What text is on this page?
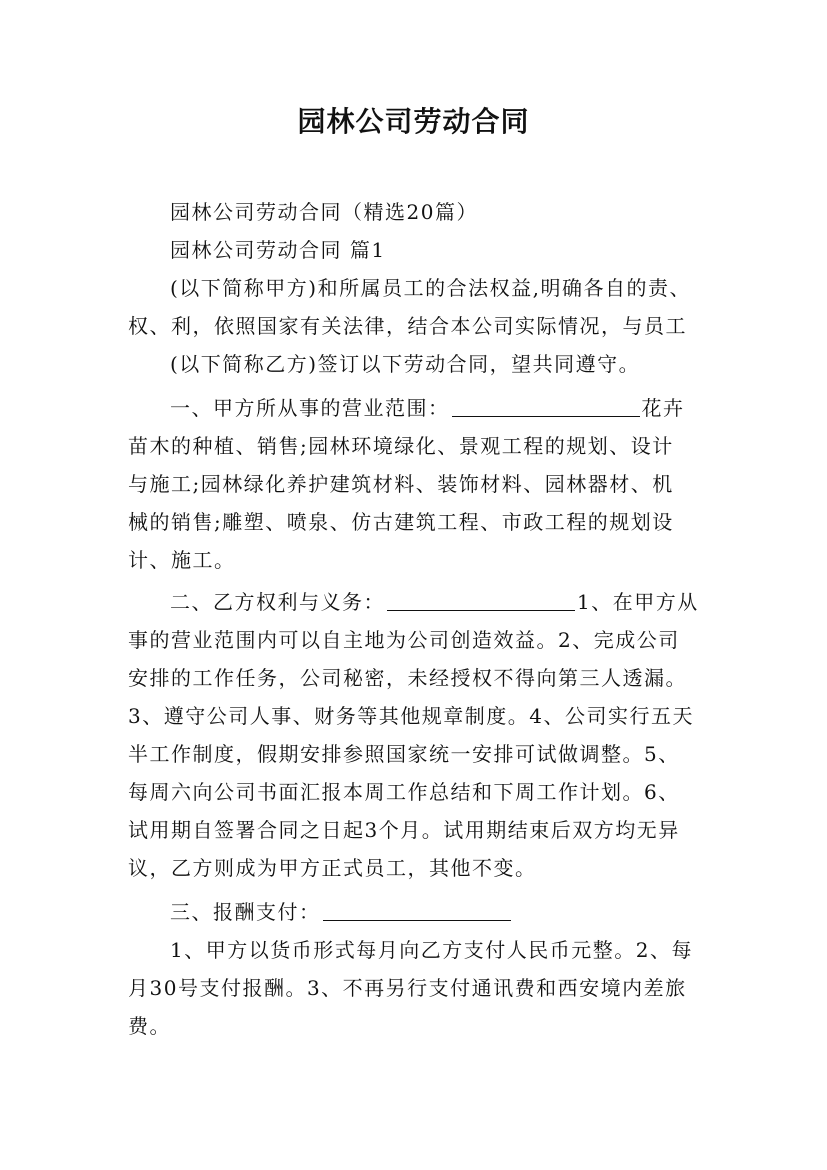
园林公司劳动合同
园林公司劳动合同（精选20篇）
园林公司劳动合同 篇1
(以下简称甲方)和所属员工的合法权益,明确各自的责、
权、利，依照国家有关法律，结合本公司实际情况，与员工
(以下简称乙方)签订以下劳动合同，望共同遵守。
一、甲方所从事的营业范围：	花卉
苗木的种植、销售;园林环境绿化、景观工程的规划、设计
与施工;园林绿化养护建筑材料、装饰材料、园林器材、机
械的销售;雕塑、喷泉、仿古建筑工程、市政工程的规划设
计、施工。
二、乙方权利与义务：	1、在甲方从
事的营业范围内可以自主地为公司创造效益。2、完成公司
安排的工作任务，公司秘密，未经授权不得向第三人透漏。
3、遵守公司人事、财务等其他规章制度。4、公司实行五天
半工作制度，假期安排参照国家统一安排可试做调整。5、
每周六向公司书面汇报本周工作总结和下周工作计划。6、
试用期自签署合同之日起3个月。试用期结束后双方均无异
议，乙方则成为甲方正式员工，其他不变。
三、报酬支付：
1、甲方以货币形式每月向乙方支付人民币元整。2、每
月30号支付报酬。3、不再另行支付通讯费和西安境内差旅
费。
